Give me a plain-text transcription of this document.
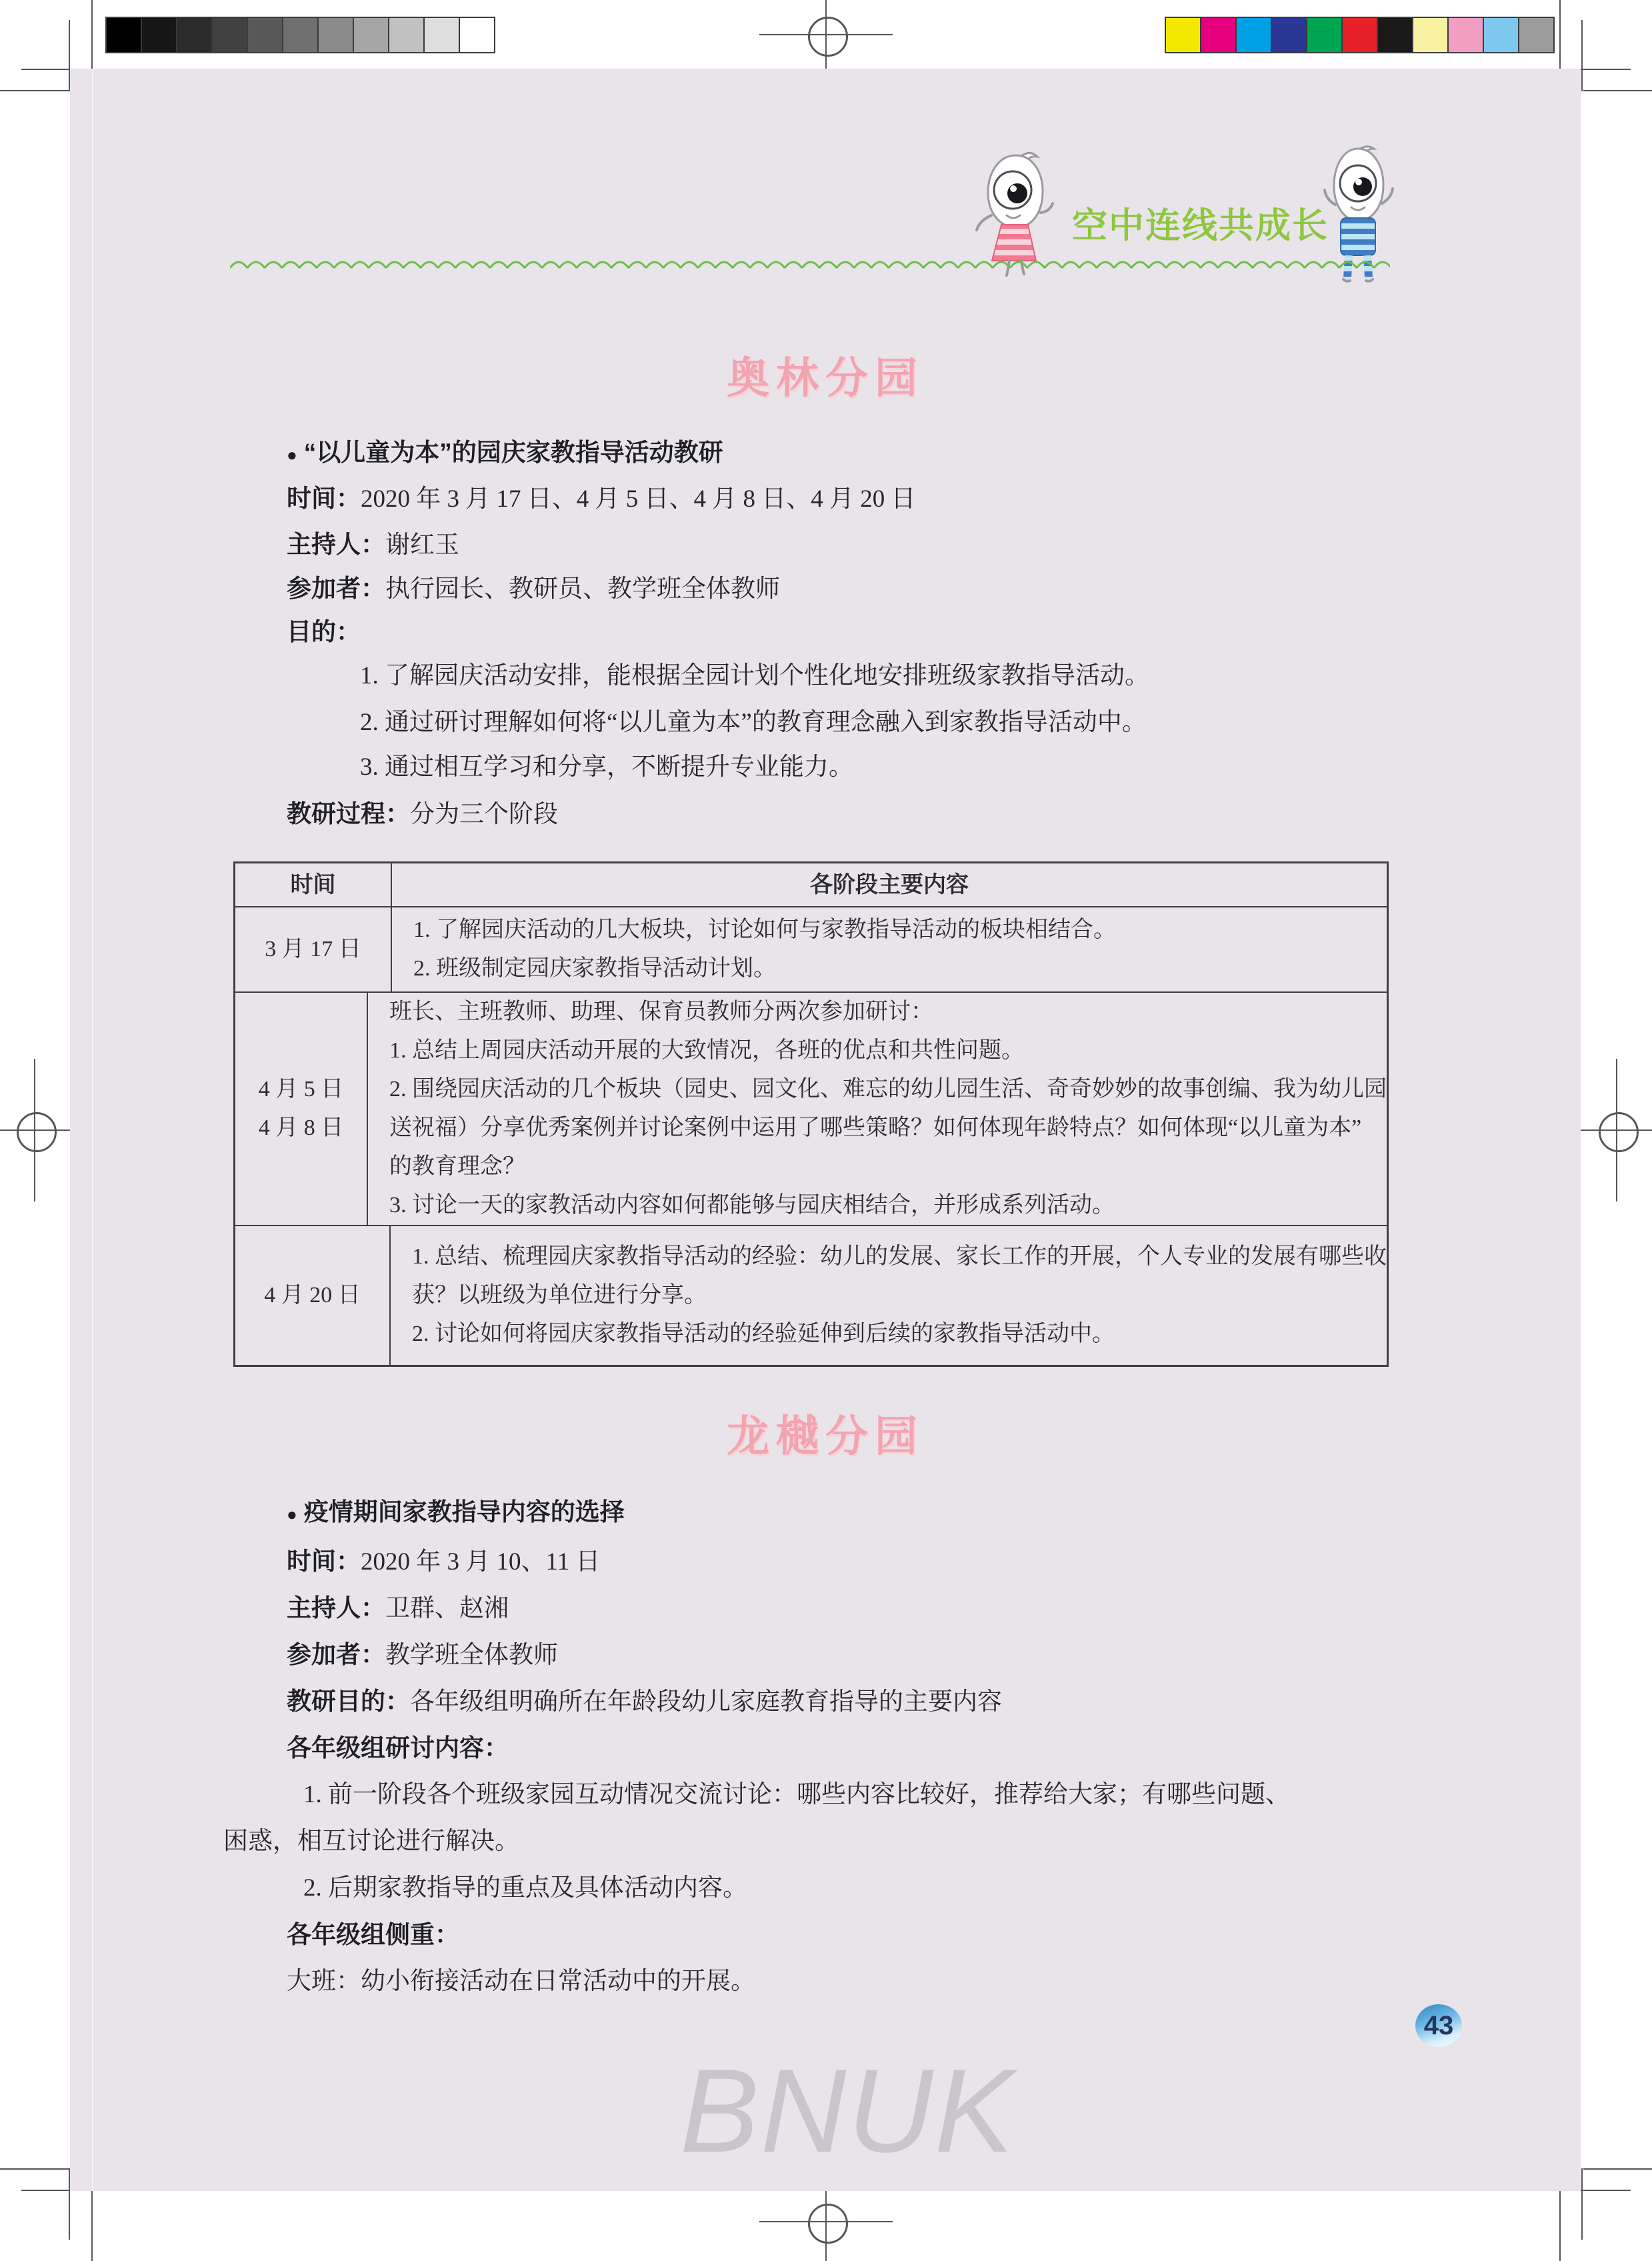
空中连线共成长
奥林分园
● “以儿童为本”的园庆家教指导活动教研
时间：2020 年 3 月 17 日、4 月 5 日、4 月 8 日、4 月 20 日
主持人：谢红玉
参加者：执行园长、教研员、教学班全体教师
目的：
1. 了解园庆活动安排，能根据全园计划个性化地安排班级家教指导活动。
2. 通过研讨理解如何将“以儿童为本”的教育理念融入到家教指导活动中。
3. 通过相互学习和分享，不断提升专业能力。
教研过程：分为三个阶段
时间	各阶段主要内容
3 月 17 日
1. 了解园庆活动的几大板块，讨论如何与家教指导活动的板块相结合。
2. 班级制定园庆家教指导活动计划。
4 月 5 日
4 月 8 日
班长、主班教师、助理、保育员教师分两次参加研讨：
1. 总结上周园庆活动开展的大致情况，各班的优点和共性问题。
2. 围绕园庆活动的几个板块（园史、园文化、难忘的幼儿园生活、奇奇妙妙的故事创编、我为幼儿园
送祝福）分享优秀案例并讨论案例中运用了哪些策略？如何体现年龄特点？如何体现“以儿童为本”
的教育理念？
3. 讨论一天的家教活动内容如何都能够与园庆相结合，并形成系列活动。
4 月 20 日
1. 总结、梳理园庆家教指导活动的经验：幼儿的发展、家长工作的开展，个人专业的发展有哪些收
获？以班级为单位进行分享。
2. 讨论如何将园庆家教指导活动的经验延伸到后续的家教指导活动中。
龙樾分园
● 疫情期间家教指导内容的选择
时间：2020 年 3 月 10、11 日
主持人：卫群、赵湘
参加者：教学班全体教师
教研目的：各年级组明确所在年龄段幼儿家庭教育指导的主要内容
各年级组研讨内容：
1. 前一阶段各个班级家园互动情况交流讨论：哪些内容比较好，推荐给大家；有哪些问题、
困惑，相互讨论进行解决。
2. 后期家教指导的重点及具体活动内容。
各年级组侧重：
大班：幼小衔接活动在日常活动中的开展。
43
BNUK
